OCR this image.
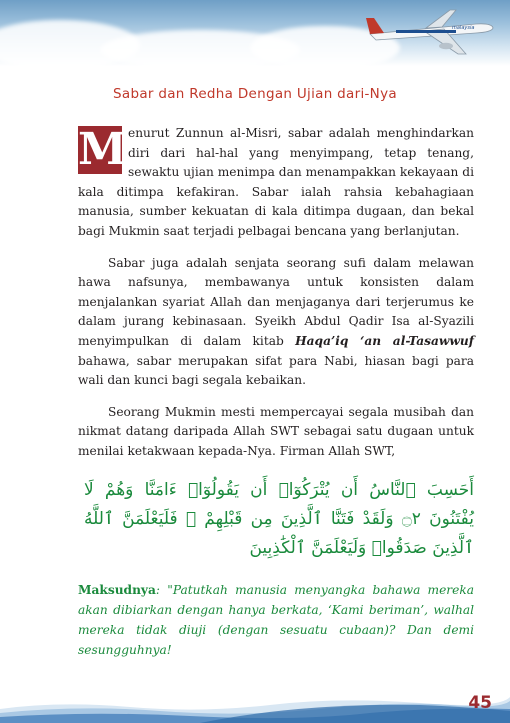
malaysia
Sabar dan Redha Dengan Ujian dari-Nya

M enurut Zunnun al-Misri, sabar adalah menghindarkan diri dari hal-hal yang menyimpang, tetap tenang, sewaktu ujian menimpa dan menampakkan kekayaan di kala ditimpa kefakiran. Sabar ialah rahsia kebahagiaan manusia, sumber kekuatan di kala ditimpa dugaan, dan bekal bagi Mukmin saat terjadi pelbagai bencana yang berlanjutan.

Sabar juga adalah senjata seorang sufi dalam melawan hawa nafsunya, membawanya untuk konsisten dalam menjalankan syariat Allah dan menjaganya dari terjerumus ke dalam jurang kebinasaan. Syeikh Abdul Qadir Isa al-Syazili menyimpulkan di dalam kitab Haqa’iq ‘an al-Tasawwuf bahawa, sabar merupakan sifat para Nabi, hiasan bagi para wali dan kunci bagi segala kebaikan.

Seorang Mukmin mesti mempercayai segala musibah dan nikmat datang daripada Allah SWT sebagai satu dugaan untuk menilai ketakwaan kepada-Nya. Firman Allah SWT,

أَحَسِبَ ٱلنَّاسُ أَن يُتْرَكُوٓا۟ أَن يَقُولُوٓا۟ ءَامَنَّا وَهُمْ لَا يُفْتَنُونَ ۝٢ وَلَقَدْ فَتَنَّا ٱلَّذِينَ مِن قَبْلِهِمْ ۖ فَلَيَعْلَمَنَّ ٱللَّهُ ٱلَّذِينَ صَدَقُوا۟ وَلَيَعْلَمَنَّ ٱلْكَٰذِبِينَ

Maksudnya: "Patutkah manusia menyangka bahawa mereka akan dibiarkan dengan hanya berkata, ‘Kami beriman’, walhal mereka tidak diuji (dengan sesuatu cubaan)? Dan demi sesungguhnya!

45
